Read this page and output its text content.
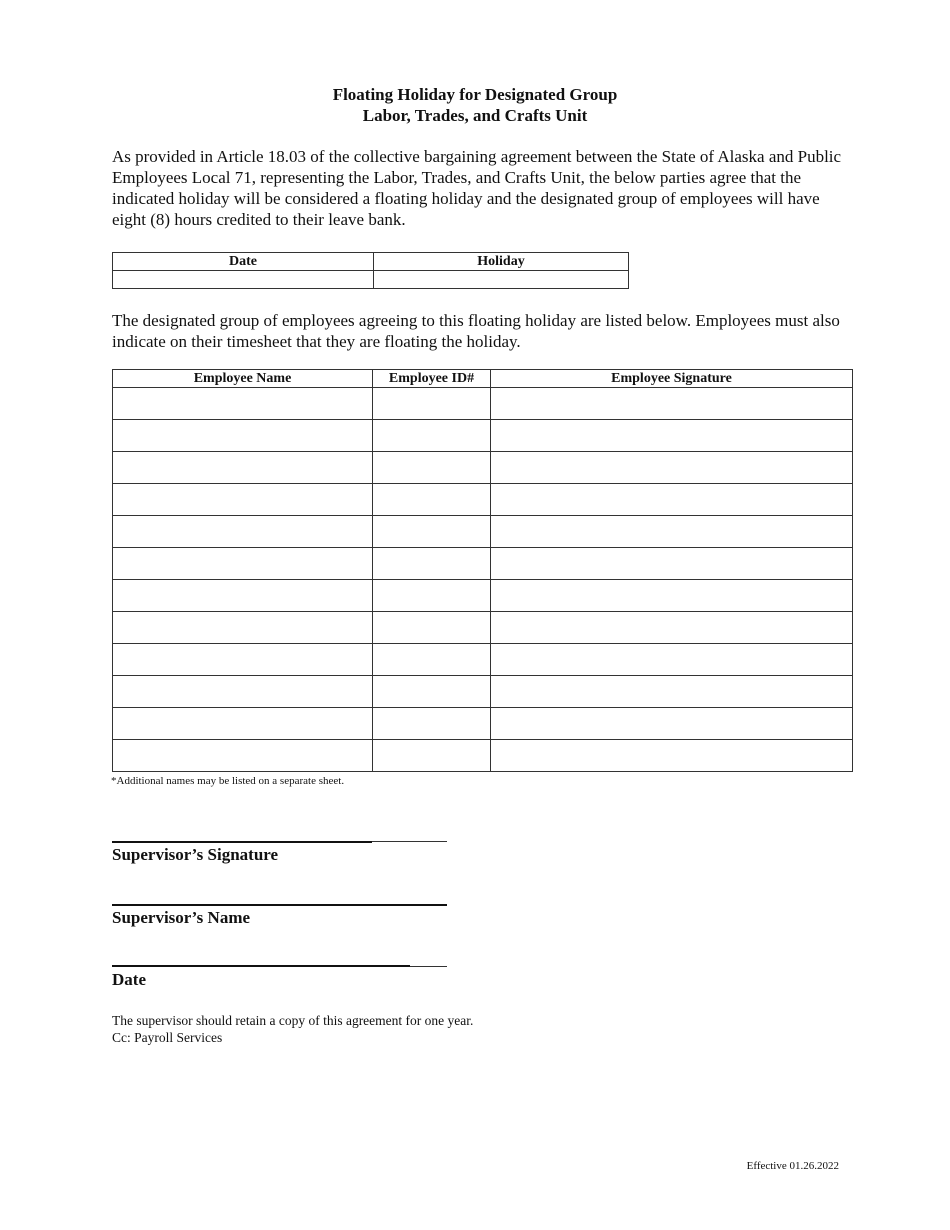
Floating Holiday for Designated Group
Labor, Trades, and Crafts Unit

As provided in Article 18.03 of the collective bargaining agreement between the State of Alaska and Public Employees Local 71, representing the Labor, Trades, and Crafts Unit, the below parties agree that the indicated holiday will be considered a floating holiday and the designated group of employees will have eight (8) hours credited to their leave bank.

Date	Holiday

The designated group of employees agreeing to this floating holiday are listed below. Employees must also indicate on their timesheet that they are floating the holiday.

Employee Name	Employee ID#	Employee Signature

*Additional names may be listed on a separate sheet.
Supervisor’s Signature
Supervisor’s Name
Date
The supervisor should retain a copy of this agreement for one year.
Cc: Payroll Services
Effective 01.26.2022
